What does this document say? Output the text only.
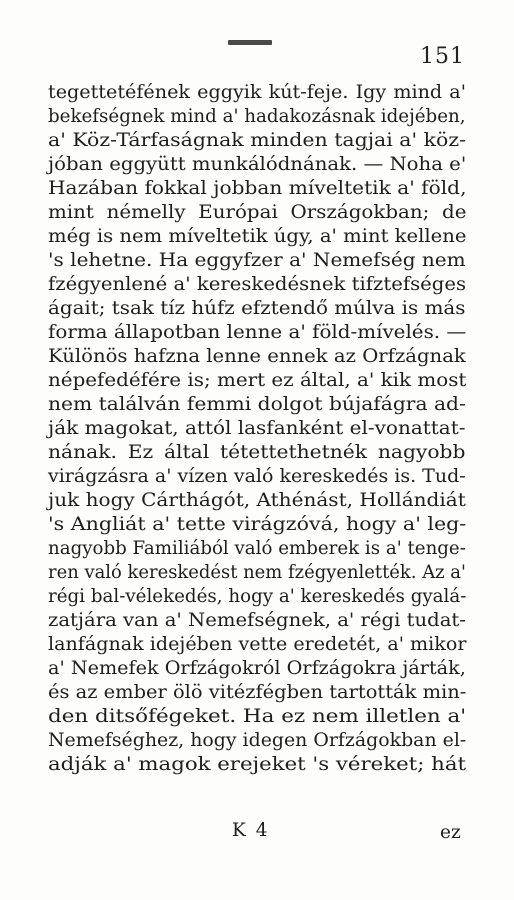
151
tegettetéfének eggyik kút-feje. Igy mind a'
bekefségnek mind a' hadakozásnak idejében,
a' Köz-Tárfaságnak minden tagjai a' köz-
jóban eggyütt munkálódnának. — Noha e'
Hazában fokkal jobban míveltetik a' föld,
mint némelly Európai Országokban; de
még is nem míveltetik úgy, a' mint kellene
's lehetne. Ha eggyfzer a' Nemefség nem
fzégyenlené a' kereskedésnek tifztefséges
ágait; tsak tíz húfz efztendő múlva is más
forma állapotban lenne a' föld-mívelés. —
Különös hafzna lenne ennek az Orfzágnak
népefedéfére is; mert ez által, a' kik most
nem találván femmi dolgot bújafágra ad-
ják magokat, attól lasfanként el-vonattat-
nának. Ez által tétettethetnék nagyobb
virágzásra a' vízen való kereskedés is. Tud-
juk hogy Cárthágót, Athénást, Hollándiát
's Angliát a' tette virágzóvá, hogy a' leg-
nagyobb Familiából való emberek is a' tenge-
ren való kereskedést nem fzégyenlették. Az a'
régi bal-vélekedés, hogy a' kereskedés gyalá-
zatjára van a' Nemefségnek, a' régi tudat-
lanfágnak idejében vette eredetét, a' mikor
a' Nemefek Orfzágokról Orfzágokra járták,
és az ember ölö vitézfégben tartották min-
den ditsőfégeket. Ha ez nem illetlen a'
Nemefséghez, hogy idegen Orfzágokban el-
adják a' magok erejeket 's véreket; hát
K 4	ez
